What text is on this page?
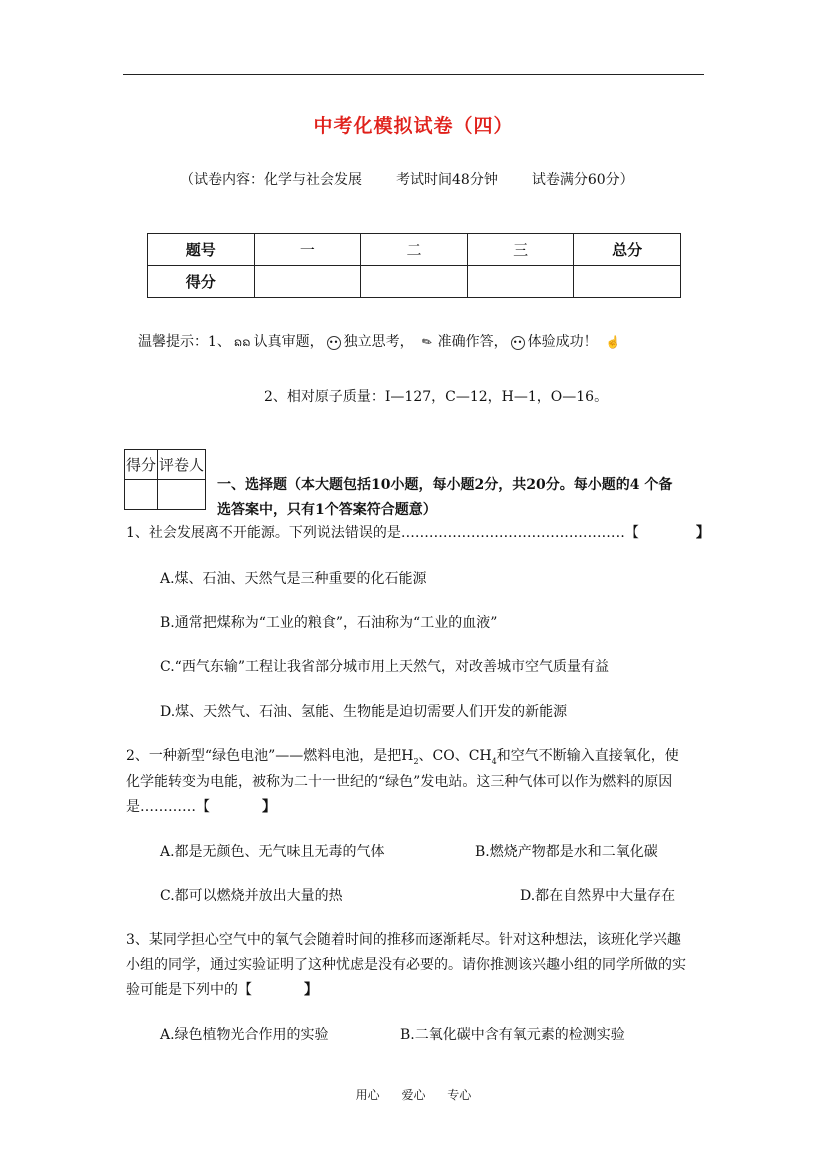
中考化模拟试卷（四）
（试卷内容：化学与社会发展 考试时间48分钟 试卷满分60分）
题号	一	二	三	总分
得分				
温馨提示：1、 ᨦᨦ 认真审题， •• 独立思考， ✎ 准确作答， •• 体验成功！ ☝
2、相对原子质量：I—127，C—12，H—1，O—16。
得分	评卷人

一、选择题（本大题包括10小题，每小题2分，共20分。每小题的4 个备
选答案中，只有1个答案符合题意）
1、社会发展离不开能源。下列说法错误的是…………………………………………【	】
A.煤、石油、天然气是三种重要的化石能源
B.通常把煤称为“工业的粮食”，石油称为“工业的血液”
C.“西气东输”工程让我省部分城市用上天然气，对改善城市空气质量有益
D.煤、天然气、石油、氢能、生物能是迫切需要人们开发的新能源
2、一种新型“绿色电池”——燃料电池，是把$H_2$、CO、$CH_4$和空气不断输入直接氧化，使
化学能转变为电能，被称为二十一世纪的“绿色”发电站。这三种气体可以作为燃料的原因
是…………【	】
A.都是无颜色、无气味且无毒的气体	B.燃烧产物都是水和二氧化碳
C.都可以燃烧并放出大量的热	D.都在自然界中大量存在
3、某同学担心空气中的氧气会随着时间的推移而逐渐耗尽。针对这种想法，该班化学兴趣
小组的同学，通过实验证明了这种忧虑是没有必要的。请你推测该兴趣小组的同学所做的实
验可能是下列中的【	】
A.绿色植物光合作用的实验	B.二氧化碳中含有氧元素的检测实验
用心 爱心 专心
